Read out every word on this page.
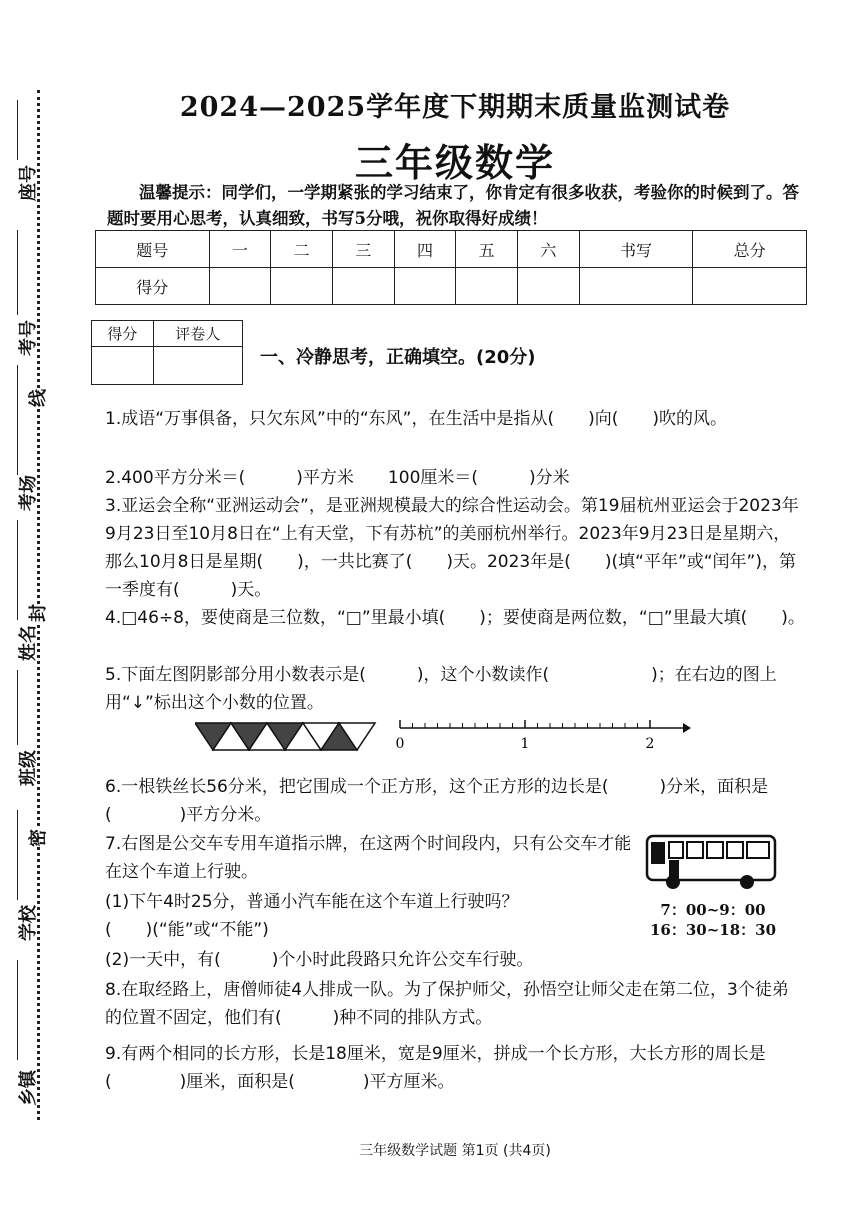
座号
考号
线
考场
封
姓名
班级
密
学校
乡镇
2024—2025学年度下期期末质量监测试卷
三年级数学
温馨提示：同学们，一学期紧张的学习结束了，你肯定有很多收获，考验你的时候到了。答题时要用心思考，认真细致，书写5分哦，祝你取得好成绩！
题号	一	二	三	四	五	六	书写	总分
得分								
得分	评卷人

一、冷静思考，正确填空。(20分)
1.成语“万事俱备，只欠东风”中的“东风”，在生活中是指从(　　)向(　　)吹的风。
2.400平方分米＝(　　　)平方米　　100厘米＝(　　　)分米
3.亚运会全称“亚洲运动会”，是亚洲规模最大的综合性运动会。第19届杭州亚运会于2023年9月23日至10月8日在“上有天堂，下有苏杭”的美丽杭州举行。2023年9月23日是星期六，那么10月8日是星期(　　)，一共比赛了(　　)天。2023年是(　　)(填“平年”或“闰年”)，第一季度有(　　　)天。
4.□46÷8，要使商是三位数，“□”里最小填(　　)；要使商是两位数，“□”里最大填(　　)。
5.下面左图阴影部分用小数表示是(　　　)，这个小数读作(　　　　　　)；在右边的图上用“↓”标出这个小数的位置。
0	1	2
6.一根铁丝长56分米，把它围成一个正方形，这个正方形的边长是(　　　)分米，面积是(　　　　)平方分米。
7.右图是公交车专用车道指示牌，在这两个时间段内，只有公交车才能在这个车道上行驶。
(1)下午4时25分，普通小汽车能在这个车道上行驶吗？
(　　)(“能”或“不能”)
(2)一天中，有(　　　)个小时此段路只允许公交车行驶。
7：00~9：00
16：30~18：30
8.在取经路上，唐僧师徒4人排成一队。为了保护师父，孙悟空让师父走在第二位，3个徒弟的位置不固定，他们有(　　　)种不同的排队方式。
9.有两个相同的长方形，长是18厘米，宽是9厘米，拼成一个长方形，大长方形的周长是(　　　　)厘米，面积是(　　　　)平方厘米。
三年级数学试题 第1页 (共4页)
